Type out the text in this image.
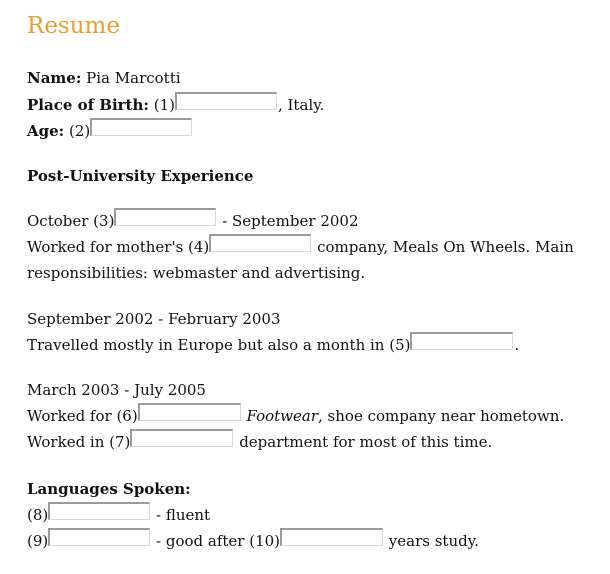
Resume
Name: Pia Marcotti
Place of Birth: (1)	, Italy.
Age: (2)
Post-University Experience
October (3)	- September 2002
Worked for mother's (4)	company, Meals On Wheels. Main
responsibilities: webmaster and advertising.
September 2002 - February 2003
Travelled mostly in Europe but also a month in (5)	.
March 2003 - July 2005
Worked for (6)	Footwear, shoe company near hometown.
Worked in (7)	department for most of this time.
Languages Spoken:
(8)	- fluent
(9)	- good after (10)	years study.
